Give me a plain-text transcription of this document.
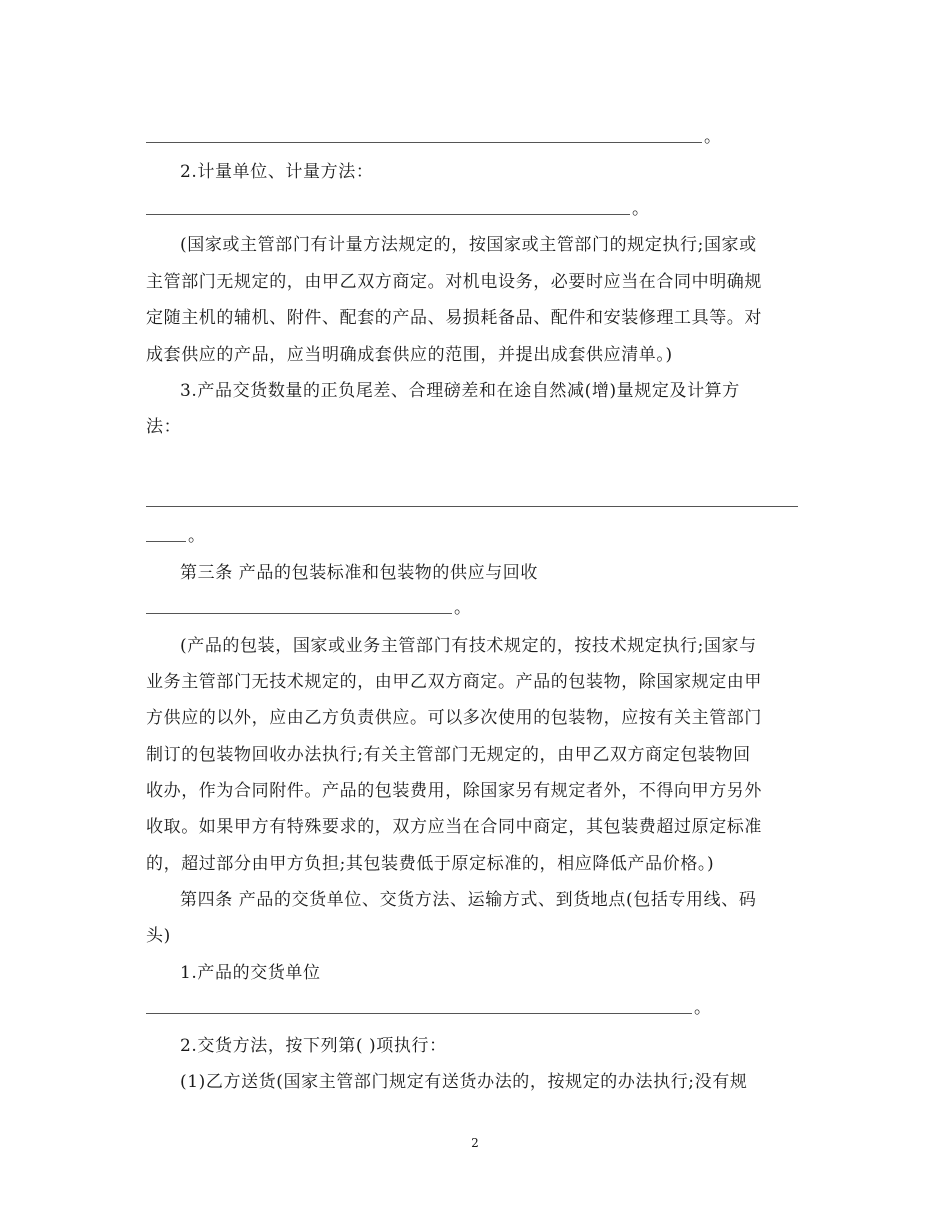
。
2.计量单位、计量方法：
。
(国家或主管部门有计量方法规定的，按国家或主管部门的规定执行;国家或
主管部门无规定的，由甲乙双方商定。对机电设务，必要时应当在合同中明确规
定随主机的辅机、附件、配套的产品、易损耗备品、配件和安装修理工具等。对
成套供应的产品，应当明确成套供应的范围，并提出成套供应清单。)
3.产品交货数量的正负尾差、合理磅差和在途自然减(增)量规定及计算方
法：
。
第三条 产品的包装标准和包装物的供应与回收
。
(产品的包装，国家或业务主管部门有技术规定的，按技术规定执行;国家与
业务主管部门无技术规定的，由甲乙双方商定。产品的包装物，除国家规定由甲
方供应的以外，应由乙方负责供应。可以多次使用的包装物，应按有关主管部门
制订的包装物回收办法执行;有关主管部门无规定的，由甲乙双方商定包装物回
收办，作为合同附件。产品的包装费用，除国家另有规定者外，不得向甲方另外
收取。如果甲方有特殊要求的，双方应当在合同中商定，其包装费超过原定标准
的，超过部分由甲方负担;其包装费低于原定标准的，相应降低产品价格。)
第四条 产品的交货单位、交货方法、运输方式、到货地点(包括专用线、码
头)
1.产品的交货单位
。
2.交货方法，按下列第( )项执行：
(1)乙方送货(国家主管部门规定有送货办法的，按规定的办法执行;没有规
2
